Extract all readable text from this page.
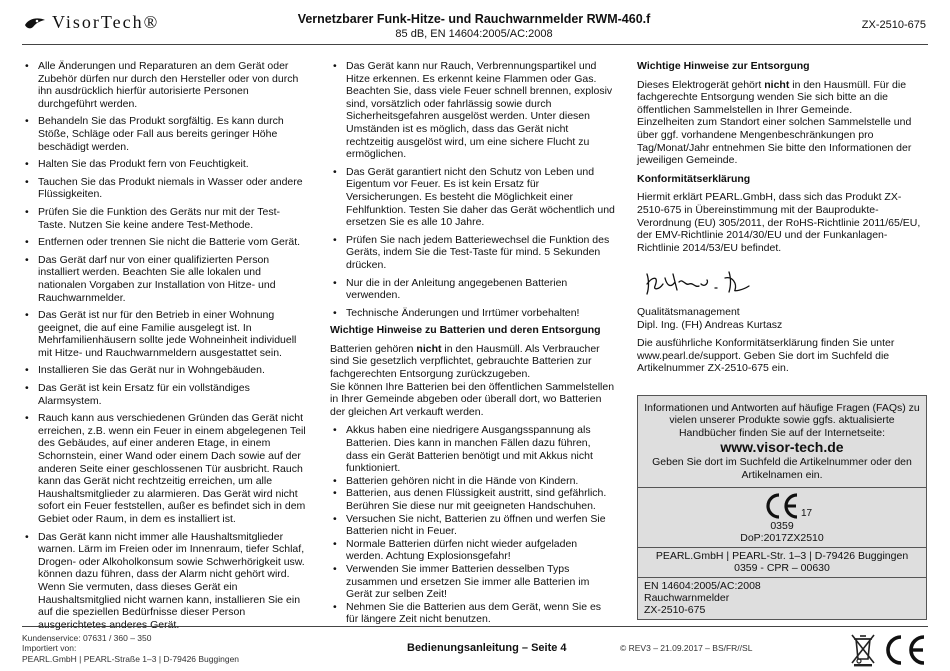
VisorTech®	Vernetzbarer Funk-Hitze- und Rauchwarnmelder RWM-460.f
85 dB, EN 14604:2005/AC:2008
ZX-2510-675
• Alle Änderungen und Reparaturen an dem Gerät oder Zubehör dürfen nur durch den Hersteller oder von durch ihn ausdrücklich hierfür autorisierte Personen durchgeführt werden.
• Behandeln Sie das Produkt sorgfältig. Es kann durch Stöße, Schläge oder Fall aus bereits geringer Höhe beschädigt werden.
• Halten Sie das Produkt fern von Feuchtigkeit.
• Tauchen Sie das Produkt niemals in Wasser oder andere Flüssigkeiten.
• Prüfen Sie die Funktion des Geräts nur mit der Test-Taste. Nutzen Sie keine andere Test-Methode.
• Entfernen oder trennen Sie nicht die Batterie vom Gerät.
• Das Gerät darf nur von einer qualifizierten Person installiert werden. Beachten Sie alle lokalen und nationalen Vorgaben zur Installation von Hitze- und Rauchwarnmelder.
• Das Gerät ist nur für den Betrieb in einer Wohnung geeignet, die auf eine Familie ausgelegt ist. In Mehrfamilienhäusern sollte jede Wohneinheit individuell mit Hitze- und Rauchwarnmeldern ausgestattet sein.
• Installieren Sie das Gerät nur in Wohngebäuden.
• Das Gerät ist kein Ersatz für ein vollständiges Alarmsystem.
• Rauch kann aus verschiedenen Gründen das Gerät nicht erreichen, z.B. wenn ein Feuer in einem abgelegenen Teil des Gebäudes, auf einer anderen Etage, in einem Schornstein, einer Wand oder einem Dach sowie auf der anderen Seite einer geschlossenen Tür ausbricht. Rauch kann das Gerät nicht rechtzeitig erreichen, um alle Haushaltsmitglieder zu alarmieren. Das Gerät wird nicht sofort ein Feuer feststellen, außer es befindet sich in dem Gebiet oder Raum, in dem es installiert ist.
• Das Gerät kann nicht immer alle Haushaltsmitglieder warnen. Lärm im Freien oder im Innenraum, tiefer Schlaf, Drogen- oder Alkoholkonsum sowie Schwerhörigkeit usw. können dazu führen, dass der Alarm nicht gehört wird. Wenn Sie vermuten, dass dieses Gerät ein Haushaltsmitglied nicht warnen kann, installieren Sie ein auf die speziellen Bedürfnisse dieser Person ausgerichtetes anderes Gerät.
• Das Gerät kann nur Rauch, Verbrennungspartikel und Hitze erkennen. Es erkennt keine Flammen oder Gas. Beachten Sie, dass viele Feuer schnell brennen, explosiv sind, vorsätzlich oder fahrlässig sowie durch Sicherheitsgefahren ausgelöst werden. Unter diesen Umständen ist es möglich, dass das Gerät nicht rechtzeitig ausgelöst wird, um eine sichere Flucht zu ermöglichen.
• Das Gerät garantiert nicht den Schutz von Leben und Eigentum vor Feuer. Es ist kein Ersatz für Versicherungen. Es besteht die Möglichkeit einer Fehlfunktion. Testen Sie daher das Gerät wöchentlich und ersetzen Sie es alle 10 Jahre.
• Prüfen Sie nach jedem Batteriewechsel die Funktion des Geräts, indem Sie die Test-Taste für mind. 5 Sekunden drücken.
• Nur die in der Anleitung angegebenen Batterien verwenden.
• Technische Änderungen und Irrtümer vorbehalten!
Wichtige Hinweise zu Batterien und deren Entsorgung

Batterien gehören nicht in den Hausmüll. Als Verbraucher sind Sie gesetzlich verpflichtet, gebrauchte Batterien zur fachgerechten Entsorgung zurückzugeben.
Sie können Ihre Batterien bei den öffentlichen Sammelstellen in Ihrer Gemeinde abgeben oder überall dort, wo Batterien der gleichen Art verkauft werden.

• Akkus haben eine niedrigere Ausgangsspannung als Batterien. Dies kann in manchen Fällen dazu führen, dass ein Gerät Batterien benötigt und mit Akkus nicht funktioniert.
• Batterien gehören nicht in die Hände von Kindern.
• Batterien, aus denen Flüssigkeit austritt, sind gefährlich. Berühren Sie diese nur mit geeigneten Handschuhen.
• Versuchen Sie nicht, Batterien zu öffnen und werfen Sie Batterien nicht in Feuer.
• Normale Batterien dürfen nicht wieder aufgeladen werden. Achtung Explosionsgefahr!
• Verwenden Sie immer Batterien desselben Typs zusammen und ersetzen Sie immer alle Batterien im Gerät zur selben Zeit!
• Nehmen Sie die Batterien aus dem Gerät, wenn Sie es für längere Zeit nicht benutzen.
Wichtige Hinweise zur Entsorgung

Dieses Elektrogerät gehört nicht in den Hausmüll. Für die fachgerechte Entsorgung wenden Sie sich bitte an die öffentlichen Sammelstellen in Ihrer Gemeinde.
Einzelheiten zum Standort einer solchen Sammelstelle und über ggf. vorhandene Mengenbeschränkungen pro Tag/Monat/Jahr entnehmen Sie bitte den Informationen der jeweiligen Gemeinde.

Konformitätserklärung

Hiermit erklärt PEARL.GmbH, dass sich das Produkt ZX-2510-675 in Übereinstimmung mit der Bauprodukte-Verordnung (EU) 305/2011, der RoHS-Richtlinie 2011/65/EU, der EMV-Richtlinie 2014/30/EU und der Funkanlagen-Richtlinie 2014/53/EU befindet.

Qualitätsmanagement
Dipl. Ing. (FH) Andreas Kurtasz

Die ausführliche Konformitätserklärung finden Sie unter www.pearl.de/support. Geben Sie dort im Suchfeld die Artikelnummer ZX-2510-675 ein.

Informationen und Antworten auf häufige Fragen (FAQs) zu vielen unserer Produkte sowie ggfs. aktualisierte Handbücher finden Sie auf der Internetseite:
www.visor-tech.de
Geben Sie dort im Suchfeld die Artikelnummer oder den Artikelnamen ein.
17
0359
DoP:2017ZX2510
PEARL.GmbH | PEARL-Str. 1–3 | D-79426 Buggingen
0359 - CPR – 00630
EN 14604:2005/AC:2008
Rauchwarnmelder
ZX-2510-675
Kundenservice: 07631 / 360 – 350
Importiert von:
PEARL.GmbH | PEARL-Straße 1–3 | D-79426 Buggingen
Bedienungsanleitung – Seite 4	© REV3 – 21.09.2017 – BS/FR//SL
